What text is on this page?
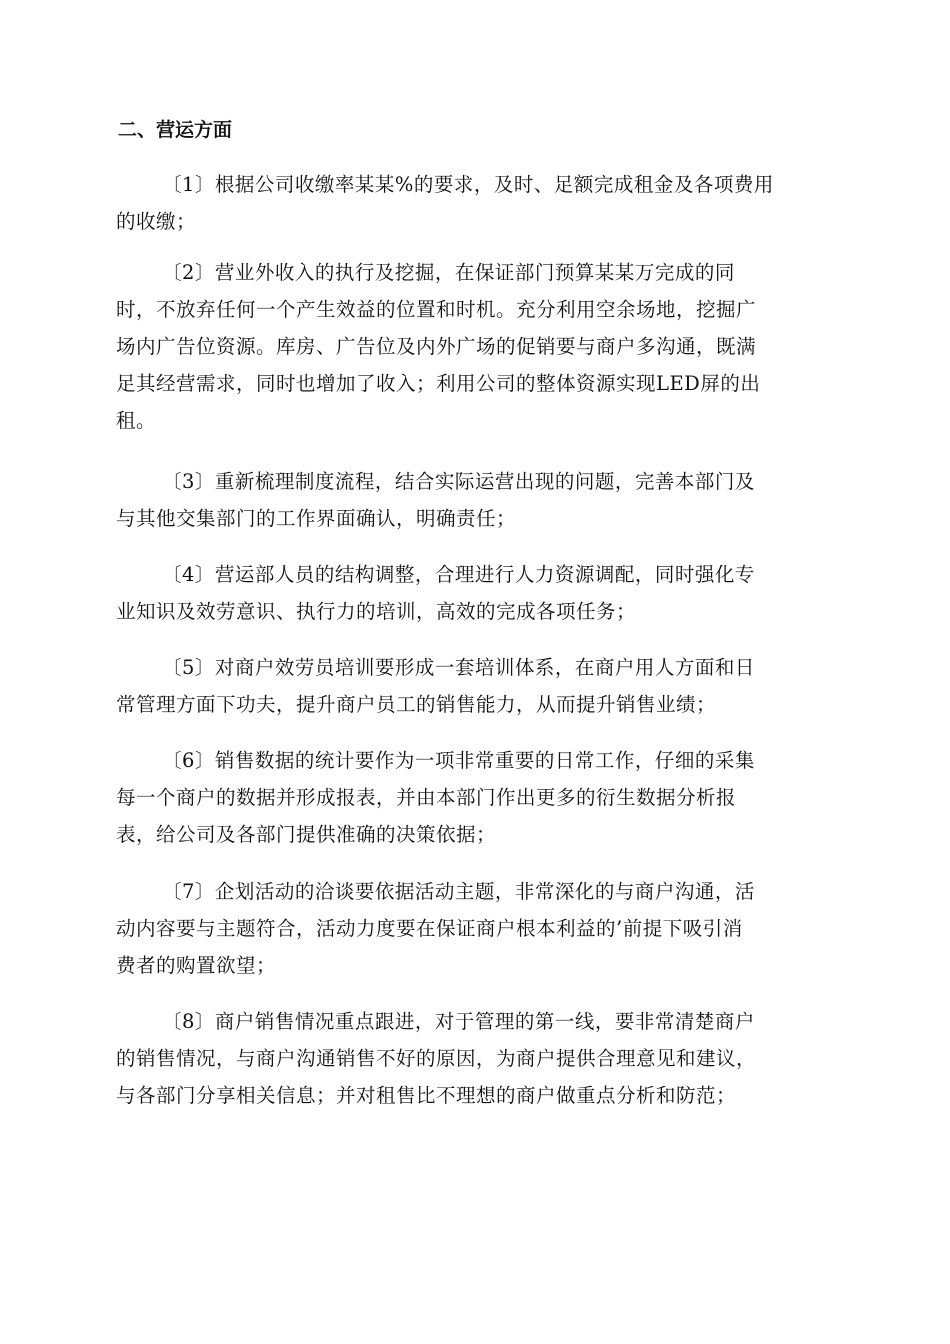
二、营运方面
〔1〕根据公司收缴率某某%的要求，及时、足额完成租金及各项费用
的收缴；
〔2〕营业外收入的执行及挖掘，在保证部门预算某某万完成的同
时，不放弃任何一个产生效益的位置和时机。充分利用空余场地，挖掘广
场内广告位资源。库房、广告位及内外广场的促销要与商户多沟通，既满
足其经营需求，同时也增加了收入；利用公司的整体资源实现LED屏的出
租。
〔3〕重新梳理制度流程，结合实际运营出现的问题，完善本部门及
与其他交集部门的工作界面确认，明确责任；
〔4〕营运部人员的结构调整，合理进行人力资源调配，同时强化专
业知识及效劳意识、执行力的培训，高效的完成各项任务；
〔5〕对商户效劳员培训要形成一套培训体系，在商户用人方面和日
常管理方面下功夫，提升商户员工的销售能力，从而提升销售业绩；
〔6〕销售数据的统计要作为一项非常重要的日常工作，仔细的采集
每一个商户的数据并形成报表，并由本部门作出更多的衍生数据分析报
表，给公司及各部门提供准确的决策依据；
〔7〕企划活动的洽谈要依据活动主题，非常深化的与商户沟通，活
动内容要与主题符合，活动力度要在保证商户根本利益的’前提下吸引消
费者的购置欲望；
〔8〕商户销售情况重点跟进，对于管理的第一线，要非常清楚商户
的销售情况，与商户沟通销售不好的原因，为商户提供合理意见和建议，
与各部门分享相关信息；并对租售比不理想的商户做重点分析和防范；
